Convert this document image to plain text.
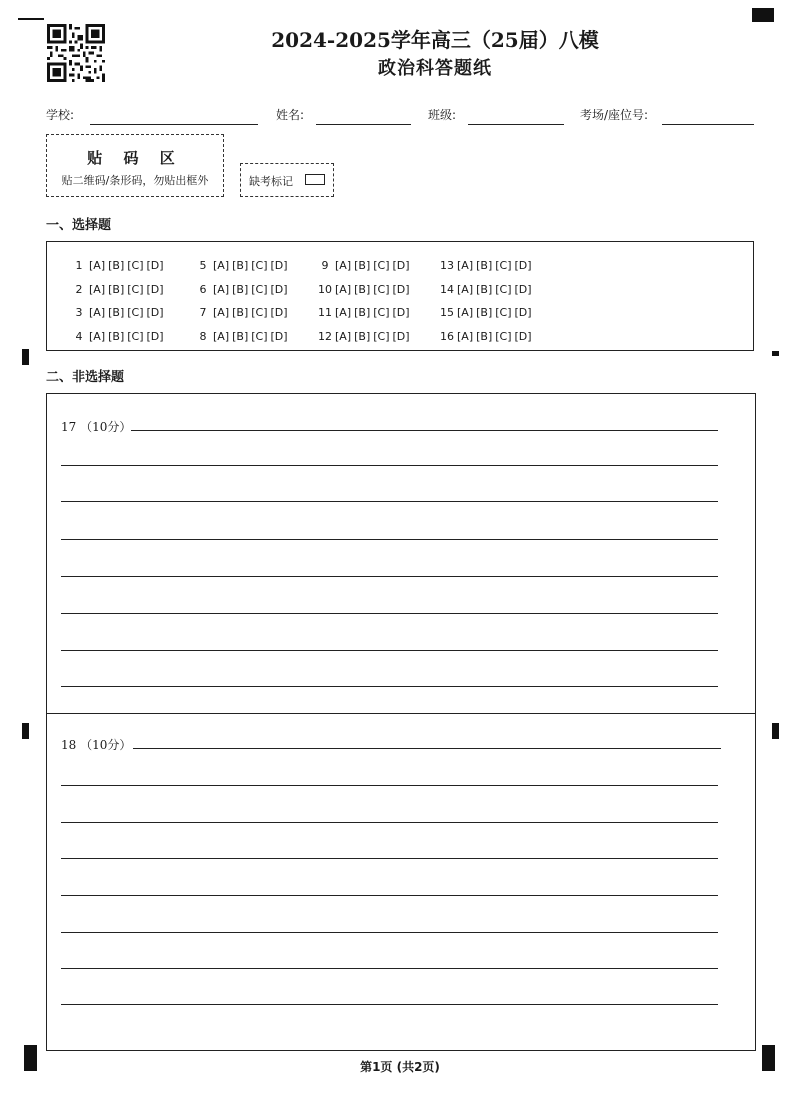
2024-2025学年高三（25届）八模
政治科答题纸
学校:	姓名:	班级:	考场/座位号:
贴 码 区
贴二维码/条形码，勿贴出框外	缺考标记
一、选择题
1 [A] [B] [C] [D]
2 [A] [B] [C] [D]
3 [A] [B] [C] [D]
4 [A] [B] [C] [D]
5 [A] [B] [C] [D]
6 [A] [B] [C] [D]
7 [A] [B] [C] [D]
8 [A] [B] [C] [D]
9 [A] [B] [C] [D]
10 [A] [B] [C] [D]
11 [A] [B] [C] [D]
12 [A] [B] [C] [D]
13 [A] [B] [C] [D]
14 [A] [B] [C] [D]
15 [A] [B] [C] [D]
16 [A] [B] [C] [D]
二、非选择题
17 （10分）
18 （10分）
第1页 (共2页)
